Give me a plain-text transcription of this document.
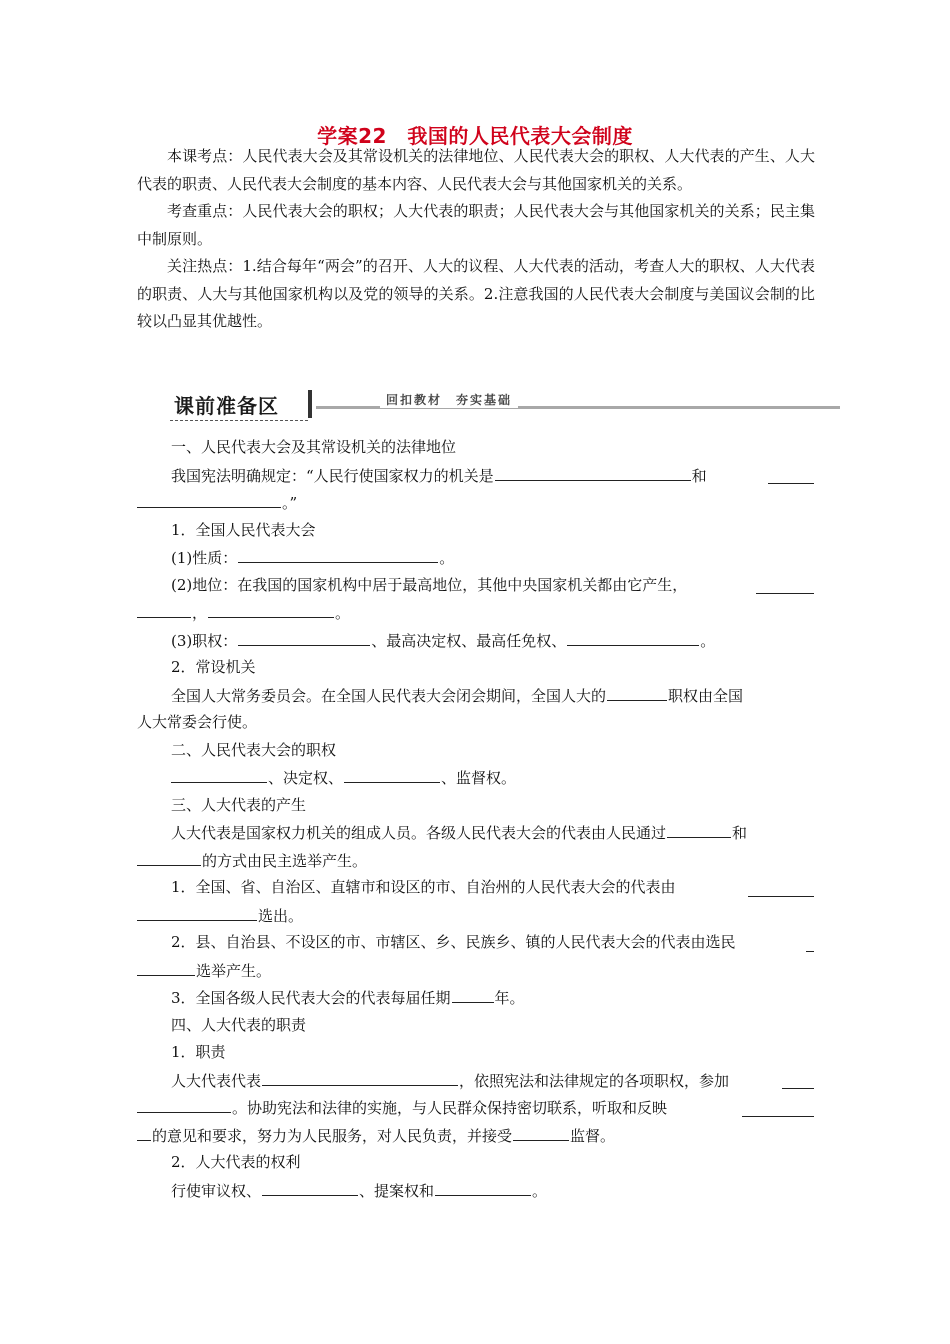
学案22　我国的人民代表大会制度

本课考点：人民代表大会及其常设机关的法律地位、人民代表大会的职权、人大代表的产生、人大代表的职责、人民代表大会制度的基本内容、人民代表大会与其他国家机关的关系。

考查重点：人民代表大会的职权；人大代表的职责；人民代表大会与其他国家机关的关系；民主集中制原则。

关注热点：1.结合每年“两会”的召开、人大的议程、人大代表的活动，考查人大的职权、人大代表的职责、人大与其他国家机构以及党的领导的关系。2.注意我国的人民代表大会制度与美国议会制的比较以凸显其优越性。

课前准备区	回扣教材　夯实基础
一、人民代表大会及其常设机关的法律地位
我国宪法明确规定：“人民行使国家权力的机关是	和
。”
1．全国人民代表大会
(1)性质：	。
(2)地位：在我国的国家机构中居于最高地位，其他中央国家机关都由它产生，
，	。
(3)职权：	、最高决定权、最高任免权、	。
2．常设机关
全国人大常务委员会。在全国人民代表大会闭会期间，全国人大的	职权由全国
人大常委会行使。
二、人民代表大会的职权
、决定权、	、监督权。
三、人大代表的产生
人大代表是国家权力机关的组成人员。各级人民代表大会的代表由人民通过	和
的方式由民主选举产生。
1．全国、省、自治区、直辖市和设区的市、自治州的人民代表大会的代表由
选出。
2．县、自治县、不设区的市、市辖区、乡、民族乡、镇的人民代表大会的代表由选民
选举产生。
3．全国各级人民代表大会的代表每届任期	年。
四、人大代表的职责
1．职责
人大代表代表	，依照宪法和法律规定的各项职权，参加
。协助宪法和法律的实施，与人民群众保持密切联系，听取和反映
的意见和要求，努力为人民服务，对人民负责，并接受	监督。
2．人大代表的权利
行使审议权、	、提案权和	。
